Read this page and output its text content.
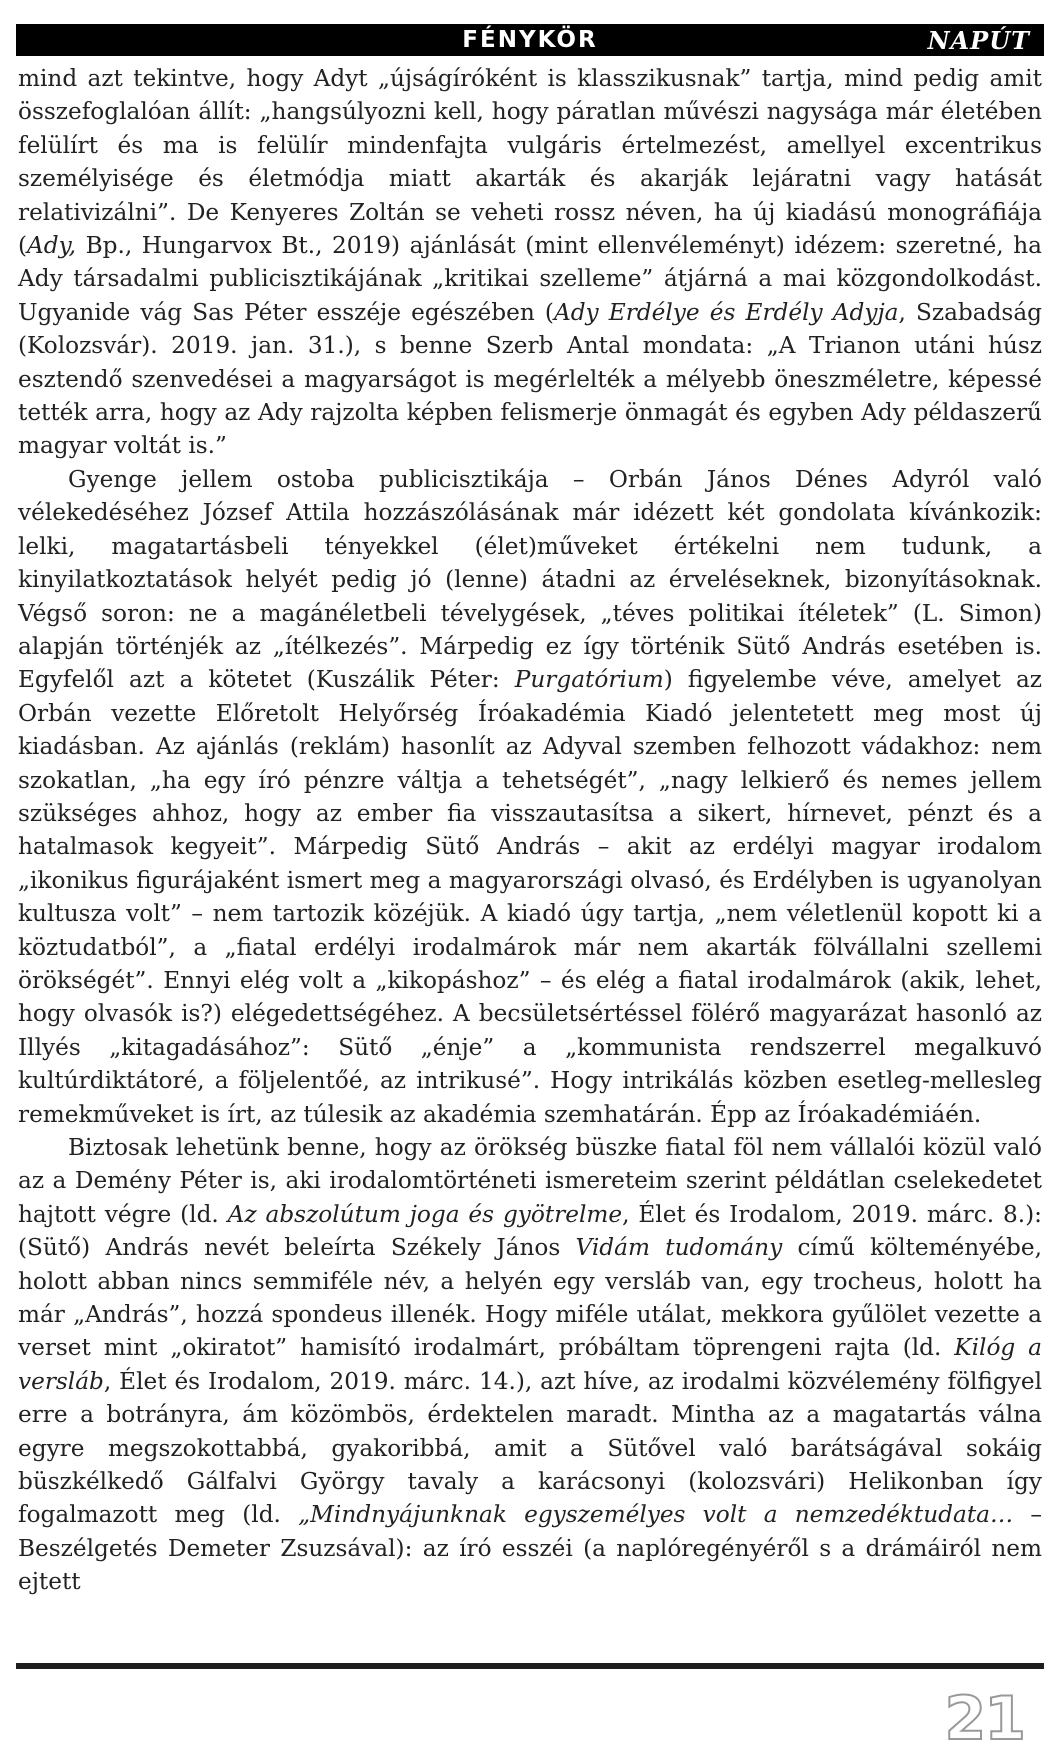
FÉNYKÖR	NAPÚT

mind azt tekintve, hogy Adyt „újságíróként is klasszikusnak” tartja, mind pedig amit összefoglalóan állít: „hangsúlyozni kell, hogy páratlan művészi nagysága már életében felülírt és ma is felülír mindenfajta vulgáris értelmezést, amellyel excentrikus személyisége és életmódja miatt akarták és akarják lejáratni vagy hatását relativizálni”. De Kenyeres Zoltán se veheti rossz néven, ha új kiadású monográfiája (Ady, Bp., Hungarvox Bt., 2019) ajánlását (mint ellenvéleményt) idézem: szeretné, ha Ady társadalmi publicisztikájának „kritikai szelleme” átjárná a mai közgondolkodást. Ugyanide vág Sas Péter esszéje egészében (Ady Erdélye és Erdély Adyja, Szabadság (Kolozsvár). 2019. jan. 31.), s benne Szerb Antal mondata: „A Trianon utáni húsz esztendő szenvedései a magyarságot is megérlelték a mélyebb öneszméletre, képessé tették arra, hogy az Ady rajzolta képben felismerje önmagát és egyben Ady példaszerű magyar voltát is.”

Gyenge jellem ostoba publicisztikája – Orbán János Dénes Adyról való vélekedéséhez József Attila hozzászólásának már idézett két gondolata kívánkozik: lelki, magatartásbeli tényekkel (élet)műveket értékelni nem tudunk, a kinyilatkoztatások helyét pedig jó (lenne) átadni az érveléseknek, bizonyításoknak. Végső soron: ne a magánéletbeli tévelygések, „téves politikai ítéletek” (L. Simon) alapján történjék az „ítélkezés”. Márpedig ez így történik Sütő András esetében is. Egyfelől azt a kötetet (Kuszálik Péter: Purgatórium) figyelembe véve, amelyet az Orbán vezette Előretolt Helyőrség Íróakadémia Kiadó jelentetett meg most új kiadásban. Az ajánlás (reklám) hasonlít az Adyval szemben felhozott vádakhoz: nem szokatlan, „ha egy író pénzre váltja a tehetségét”, „nagy lelkierő és nemes jellem szükséges ahhoz, hogy az ember fia visszautasítsa a sikert, hírnevet, pénzt és a hatalmasok kegyeit”. Márpedig Sütő András – akit az erdélyi magyar irodalom „ikonikus figurájaként ismert meg a magyarországi olvasó, és Erdélyben is ugyanolyan kultusza volt” – nem tartozik közéjük. A kiadó úgy tartja, „nem véletlenül kopott ki a köztudatból”, a „fiatal erdélyi irodalmárok már nem akarták fölvállalni szellemi örökségét”. Ennyi elég volt a „kikopáshoz” – és elég a fiatal irodalmárok (akik, lehet, hogy olvasók is?) elégedettségéhez. A becsületsértéssel fölérő magyarázat hasonló az Illyés „kitagadásához”: Sütő „énje” a „kommunista rendszerrel megalkuvó kultúrdiktátoré, a följelentőé, az intrikusé”. Hogy intrikálás közben esetleg-mellesleg remekműveket is írt, az túlesik az akadémia szemhatárán. Épp az Íróakadémiáén.

Biztosak lehetünk benne, hogy az örökség büszke fiatal föl nem vállalói közül való az a Demény Péter is, aki irodalomtörténeti ismereteim szerint példátlan cselekedetet hajtott végre (ld. Az abszolútum joga és gyötrelme, Élet és Irodalom, 2019. márc. 8.): (Sütő) András nevét beleírta Székely János Vidám tudomány című költeményébe, holott abban nincs semmiféle név, a helyén egy versláb van, egy trocheus, holott ha már „András”, hozzá spondeus illenék. Hogy miféle utálat, mekkora gyűlölet vezette a verset mint „okiratot” hamisító irodalmárt, próbáltam töprengeni rajta (ld. Kilóg a versláb, Élet és Irodalom, 2019. márc. 14.), azt híve, az irodalmi közvélemény fölfigyel erre a botrányra, ám közömbös, érdektelen maradt. Mintha az a magatartás válna egyre megszokottabbá, gyakoribbá, amit a Sütővel való barátságával sokáig büszkélkedő Gálfalvi György tavaly a karácsonyi (kolozsvári) Helikonban így fogalmazott meg (ld. „Mindnyájunknak egyszemélyes volt a nemzedéktudata… – Beszélgetés Demeter Zsuzsával): az író esszéi (a naplóregényéről s a drámáiról nem ejtett

21
